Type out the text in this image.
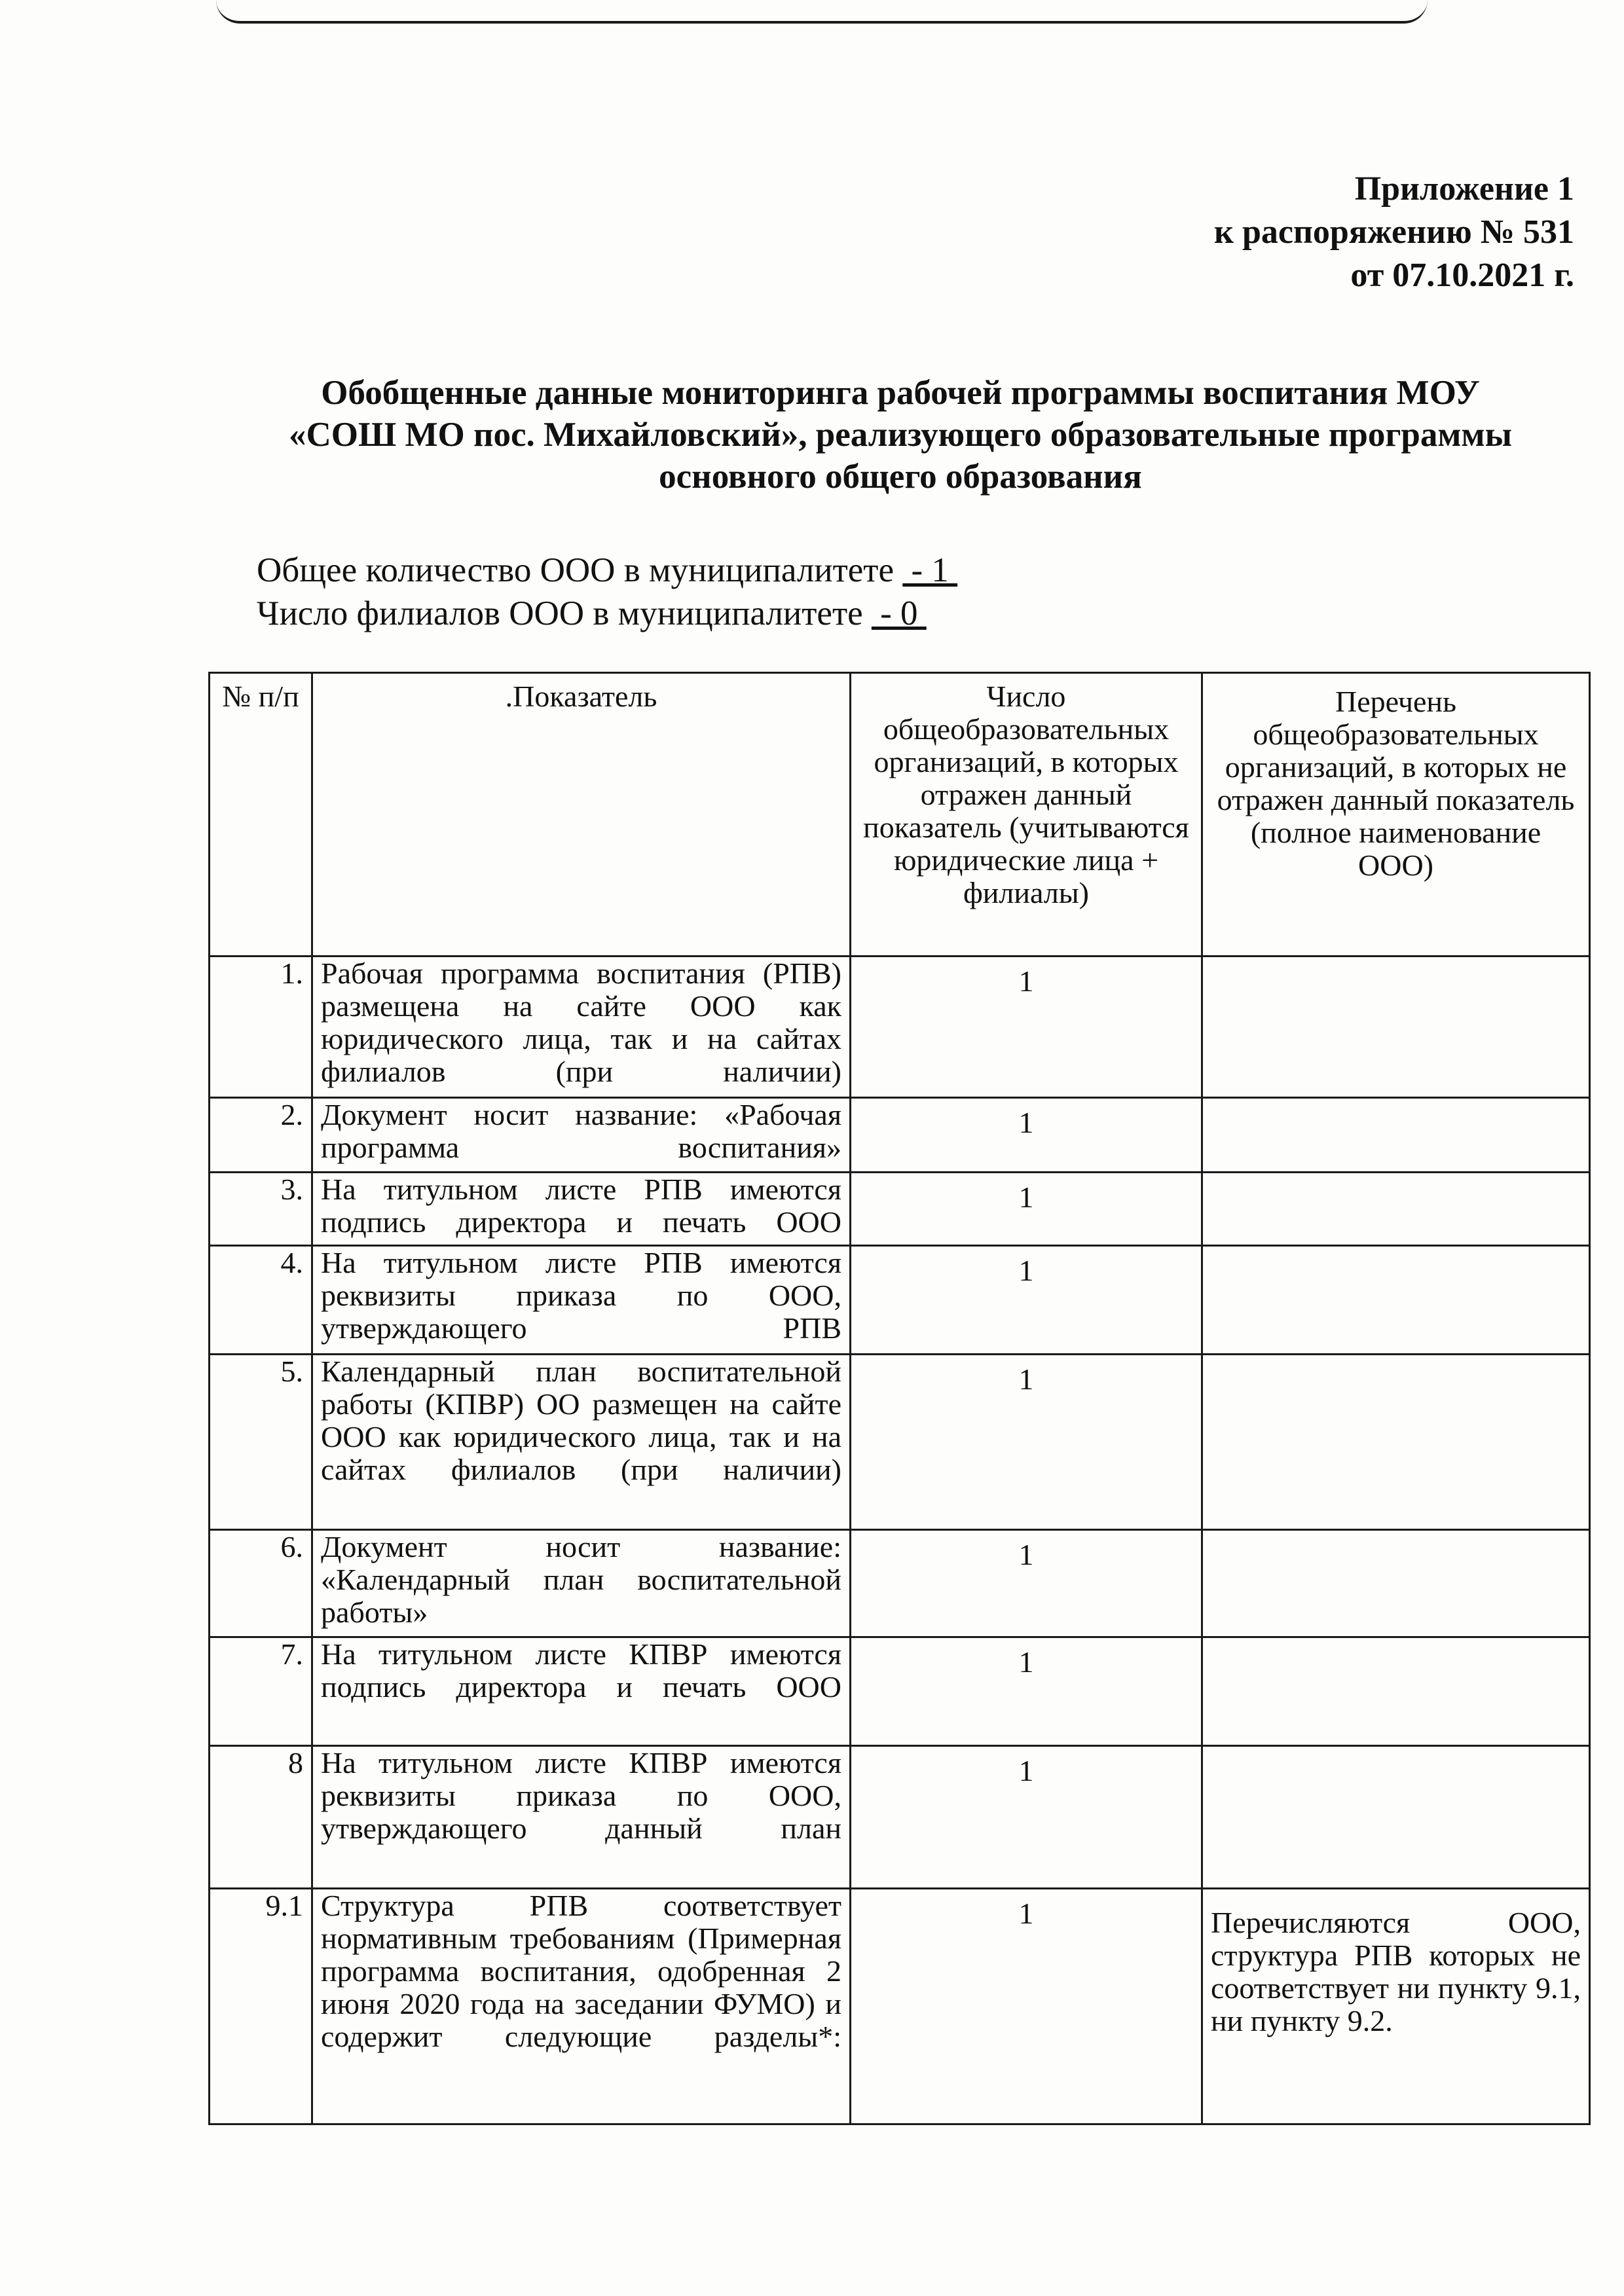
Приложение 1
к распоряжению № 531
от 07.10.2021 г.
Обобщенные данные мониторинга рабочей программы воспитания МОУ
«СОШ МО пос. Михайловский», реализующего образовательные программы
основного общего образования
Общее количество ООО в муниципалитете  - 1
Число филиалов ООО в муниципалитете  - 0
№ п/п	.Показатель	Число общеобразовательных организаций, в которых отражен данный показатель (учитываются юридические лица + филиалы)	Перечень общеобразовательных организаций, в которых не отражен данный показатель (полное наименование ООО)
1.	Рабочая программа воспитания (РПВ) размещена на сайте ООО как юридического лица, так и на сайтах филиалов (при наличии)	1	

2.	Документ носит название: «Рабочая программа воспитания»	1	

3.	На титульном листе РПВ имеются подпись директора и печать ООО	1	

4.	На титульном листе РПВ имеются реквизиты приказа по ООО, утверждающего РПВ	1	

5.	Календарный план воспитательной работы (КПВР) ОО размещен на сайте ООО как юридического лица, так и на сайтах филиалов (при наличии)	1	

6.	Документ носит название: «Календарный план воспитательной работы»	1	

7.	На титульном листе КПВР имеются подпись директора и печать ООО	1	

8	На титульном листе КПВР имеются реквизиты приказа по ООО, утверждающего данный план	1	

9.1	Структура РПВ соответствует нормативным требованиям (Примерная программа воспитания, одобренная 2 июня 2020 года на заседании ФУМО) и содержит следующие разделы*:	1	Перечисляются ООО, структура РПВ которых не соответствует ни пункту 9.1, ни пункту 9.2.
